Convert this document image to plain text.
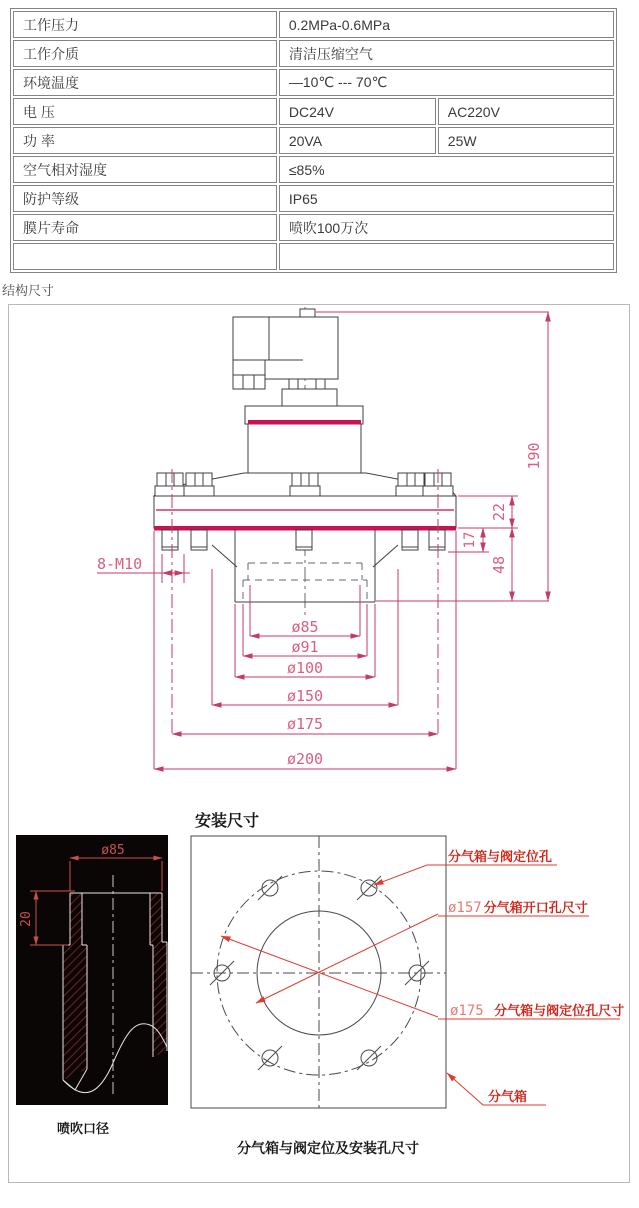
工作压力	0.2MPa-0.6MPa	
工作介质	清洁压缩空气	
环境温度	—10℃ --- 70℃	
电 压	DC24V	AC220V
功 率	20VA	25W
空气相对湿度	≤85%	
防护等级	IP65	
膜片寿命	喷吹100万次	

结构尺寸
190
22
17
48
8-M10
ø85
ø91
ø100
ø150
ø175
ø200
安装尺寸
ø85
20
喷吹口径
分气箱与阀定位孔
ø157 分气箱开口孔尺寸
ø175 分气箱与阀定位孔尺寸
分气箱
分气箱与阀定位及安装孔尺寸
